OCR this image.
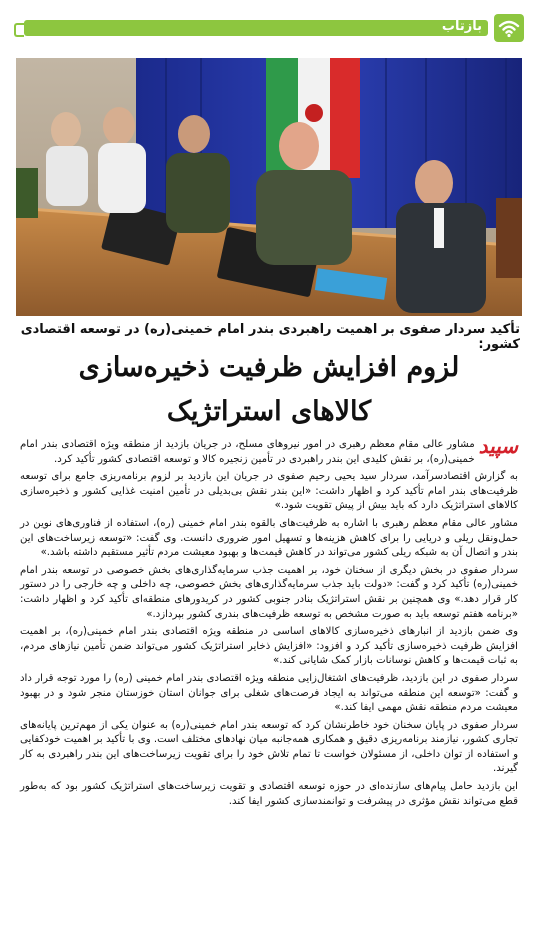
بازتاب
تأکید سردار صفوی بر اهمیت راهبردی بندر امام خمینی(ره) در توسعه اقتصادی کشور:
لزوم افزایش ظرفیت ذخیره‌سازی
کالاهای استراتژیک

سپید
مشاور عالی مقام معظم رهبری در امور نیروهای مسلح، در جریان بازدید از منطقه ویژه اقتصادی بندر امام خمینی(ره)، بر نقش کلیدی این بندر راهبردی در تأمین زنجیره کالا و توسعه اقتصادی کشور تأکید کرد.

به گزارش اقتصادسرآمد، سردار سید یحیی رحیم صفوی در جریان این بازدید بر لزوم برنامه‌ریزی جامع برای توسعه ظرفیت‌های بندر امام تأکید کرد و اظهار داشت: «این بندر نقش بی‌بدیلی در تأمین امنیت غذایی کشور و ذخیره‌سازی کالاهای استراتژیک دارد که باید بیش از پیش تقویت شود.»

مشاور عالی مقام معظم رهبری با اشاره به ظرفیت‌های بالقوه بندر امام خمینی (ره)، استفاده از فناوری‌های نوین در حمل‌ونقل ریلی و دریایی را برای کاهش هزینه‌ها و تسهیل امور ضروری دانست. وی گفت: «توسعه زیرساخت‌های این بندر و اتصال آن به شبکه ریلی کشور می‌تواند در کاهش قیمت‌ها و بهبود معیشت مردم تأثیر مستقیم داشته باشد.»

سردار صفوی در بخش دیگری از سخنان خود، بر اهمیت جذب سرمایه‌گذاری‌های بخش خصوصی در توسعه بندر امام خمینی(ره) تأکید کرد و گفت: «دولت باید جذب سرمایه‌گذاری‌های بخش خصوصی، چه داخلی و چه خارجی را در دستور کار قرار دهد.» وی همچنین بر نقش استراتژیک بنادر جنوبی کشور در کریدورهای منطقه‌ای تأکید کرد و اظهار داشت: «برنامه هفتم توسعه باید به صورت مشخص به توسعه ظرفیت‌های بندری کشور بپردازد.»

وی ضمن بازدید از انبارهای ذخیره‌سازی کالاهای اساسی در منطقه ویژه اقتصادی بندر امام خمینی(ره)، بر اهمیت افزایش ظرفیت ذخیره‌سازی تأکید کرد و افزود: «افزایش ذخایر استراتژیک کشور می‌تواند ضمن تأمین نیازهای مردم، به ثبات قیمت‌ها و کاهش نوسانات بازار کمک شایانی کند.»

سردار صفوی در این بازدید، ظرفیت‌های اشتغال‌زایی منطقه ویژه اقتصادی بندر امام خمینی (ره) را مورد توجه قرار داد و گفت: «توسعه این منطقه می‌تواند به ایجاد فرصت‌های شغلی برای جوانان استان خوزستان منجر شود و در بهبود معیشت مردم منطقه نقش مهمی ایفا کند.»

سردار صفوی در پایان سخنان خود خاطرنشان کرد که توسعه بندر امام خمینی(ره) به عنوان یکی از مهم‌ترین پایانه‌های تجاری کشور، نیازمند برنامه‌ریزی دقیق و همکاری همه‌جانبه میان نهادهای مختلف است. وی با تأکید بر اهمیت خودکفایی و استفاده از توان داخلی، از مسئولان خواست تا تمام تلاش خود را برای تقویت زیرساخت‌های این بندر راهبردی به کار گیرند.

این بازدید حامل پیام‌های سازنده‌ای در حوزه توسعه اقتصادی و تقویت زیرساخت‌های استراتژیک کشور بود که به‌طور قطع می‌تواند نقش مؤثری در پیشرفت و توانمندسازی کشور ایفا کند.
